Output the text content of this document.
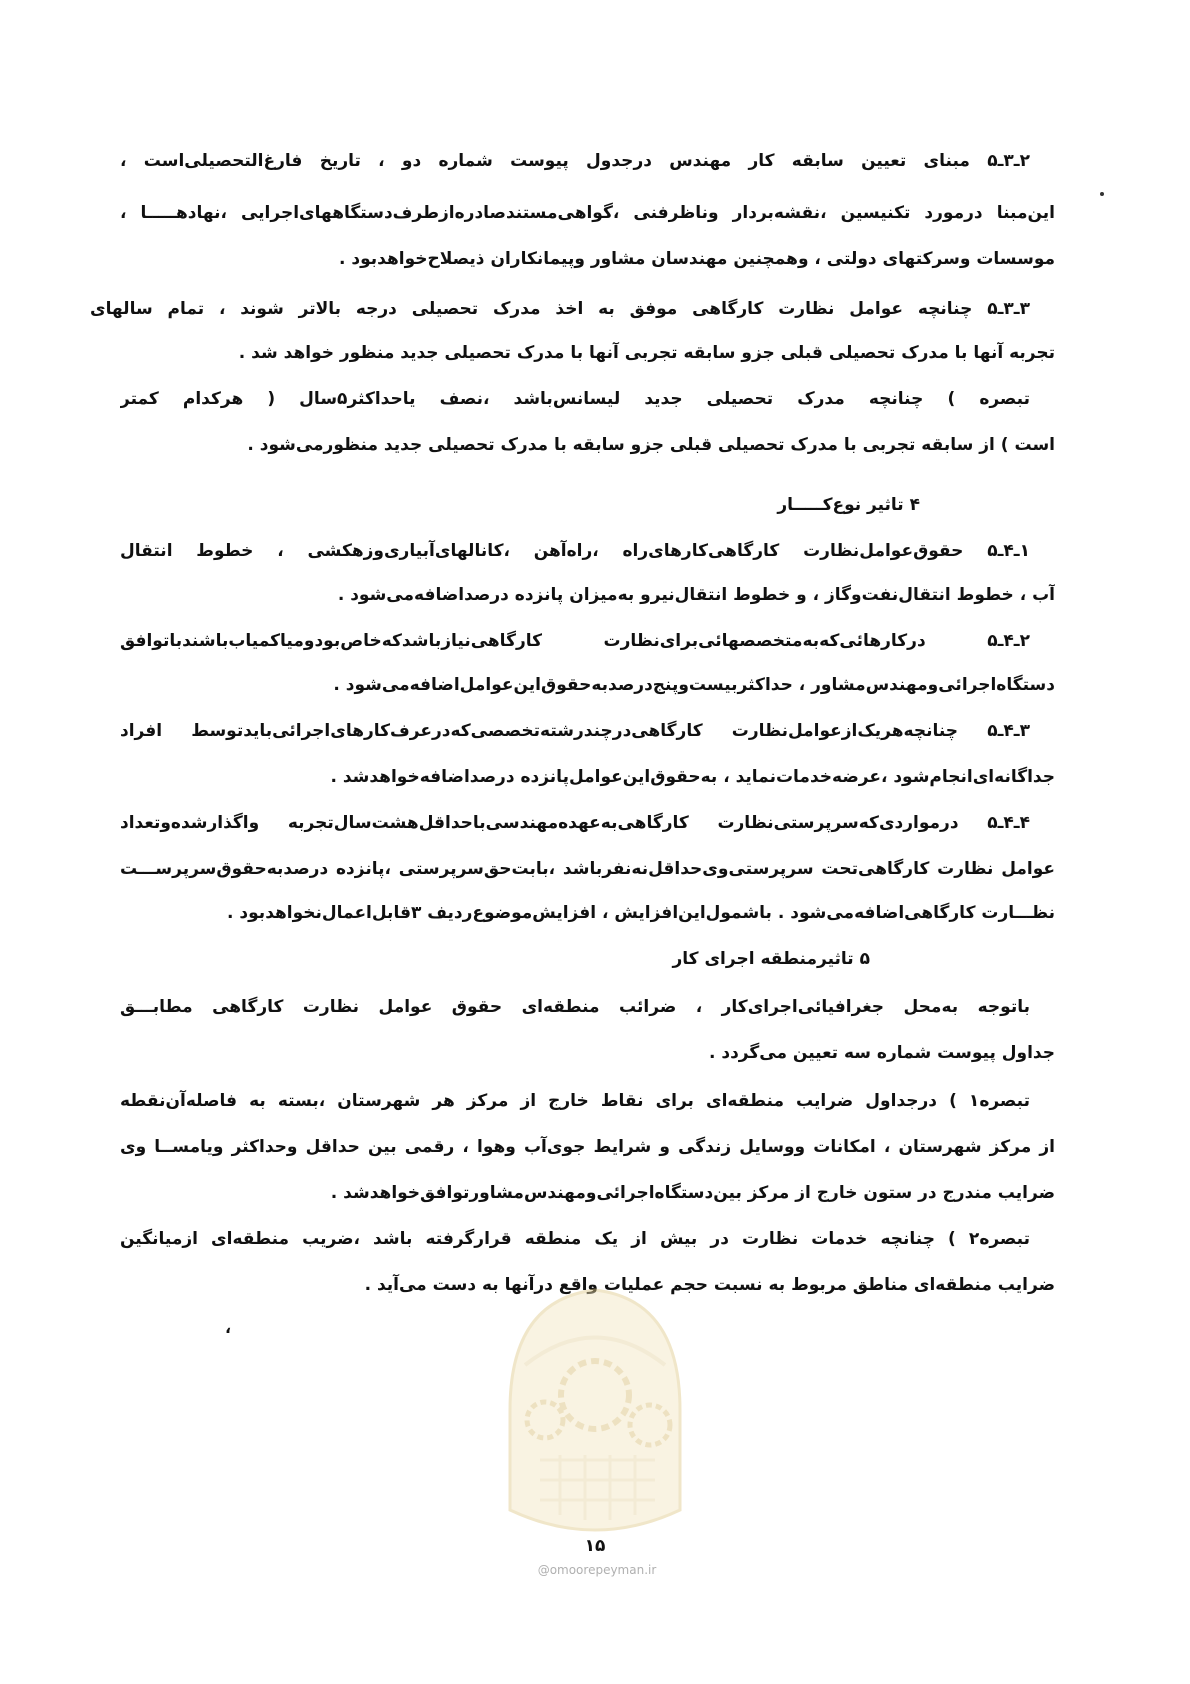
۲ـ۳ـ۵ مبنای تعیین سابقه کار مهندس درجدول پیوست شماره دو ، تاریخ فارغ‌التحصیلی‌است ،
این‌مبنا درمورد تکنیسین ،نقشه‌بردار وناظرفنی ،گواهی‌مستندصادره‌ازطرف‌دستگاههای‌اجرایی ،نهادهـــــا ،
موسسات وسرکتهای دولتی ، وهمچنین مهندسان مشاور وپیمانکاران ذیصلاح‌خواهدبود .
۳ـ۳ـ۵ چنانچه عوامل نظارت کارگاهی موفق به اخذ مدرک تحصیلی درجه بالاتر شوند ، تمام سالهای
تجربه آنها با مدرک تحصیلی قبلی جزو سابقه تجربی آنها با مدرک تحصیلی جدید منظور خواهد شد .
تبصره ) چنانچه مدرک تحصیلی جدید لیسانس‌باشد ،نصف یاحداکثر۵سال ( هرکدام کمتر
است ) از سابقه تجربی با مدرک تحصیلی قبلی جزو سابقه با مدرک تحصیلی جدید منظورمی‌شود .
۴ تاثیر نوع‌کـــــار
۱ـ۴ـ۵ حقوق‌عوامل‌نظارت کارگاهی‌کارهای‌راه ،راه‌آهن ،کانالهای‌آبیاری‌وزهکشی ، خطوط انتقال
آب ، خطوط انتقال‌نفت‌وگاز ، و خطوط انتقال‌نیرو به‌میزان پانزده درصد‌اضافه‌می‌شود .
۲ـ۴ـ۵ درکارهائی‌که‌به‌متخصصهائی‌برای‌نظارت کارگاهی‌نیازباشدکه‌خاص‌بودومیاکمیاب‌باشندباتوافق
دستگاه‌اجرائی‌ومهندس‌مشاور ، حداکثربیست‌وپنج‌درصدبه‌حقوق‌این‌عوامل‌اضافه‌می‌شود .
۳ـ۴ـ۵ چنانچه‌هریک‌ازعوامل‌نظارت کارگاهی‌درچندرشته‌تخصصی‌که‌درعرف‌کارهای‌اجرائی‌بایدتوسط افراد
جداگانه‌ای‌انجام‌شود ،عرضه‌خدمات‌نماید ، به‌حقوق‌این‌عوامل‌پانزده درصداضافه‌خواهدشد .
۴ـ۴ـ۵ درمواردی‌که‌سرپرستی‌نظارت کارگاهی‌به‌عهده‌مهندسی‌باحداقل‌هشت‌سال‌تجربه واگذارشده‌وتعداد
عوامل نظارت کارگاهی‌تحت سرپرستی‌وی‌حداقل‌نه‌نفرباشد ،بابت‌حق‌سرپرستی ،پانزده درصدبه‌حقوق‌سرپرســـت
نظـــارت کارگاهی‌اضافه‌می‌شود . باشمول‌این‌افزایش ، افزایش‌موضوع‌ردیف ۳قابل‌اعمال‌نخواهدبود .
۵ تاثیرمنطقه اجرای کار
باتوجه به‌محل جغرافیائی‌اجرای‌کار ، ضرائب منطقه‌ای حقوق عوامل نظارت کارگاهی مطابـــق
جداول پیوست شماره سه تعیین می‌گردد .
تبصره۱ ) درجداول ضرایب منطقه‌ای برای نقاط خارج از مرکز هر شهرستان ،بسته به فاصله‌آن‌نقطه
از مرکز شهرستان ، امکانات ووسایل زندگی و شرایط جوی‌آب وهوا ، رقمی بین حداقل وحداکثر ویامســا وی
ضرایب مندرج در ستون خارج از مرکز بین‌دستگاه‌اجرائی‌ومهندس‌مشاورتوافق‌خواهدشد .
تبصره۲ ) چنانچه خدمات نظارت در بیش از یک منطقه قرارگرفته باشد ،ضریب منطقه‌ای ازمیانگین
ضرایب منطقه‌ای مناطق مربوط به نسبت حجم عملیات واقع درآنها به دست می‌آید .
،
۱۵
@omoorepeyman.ir
